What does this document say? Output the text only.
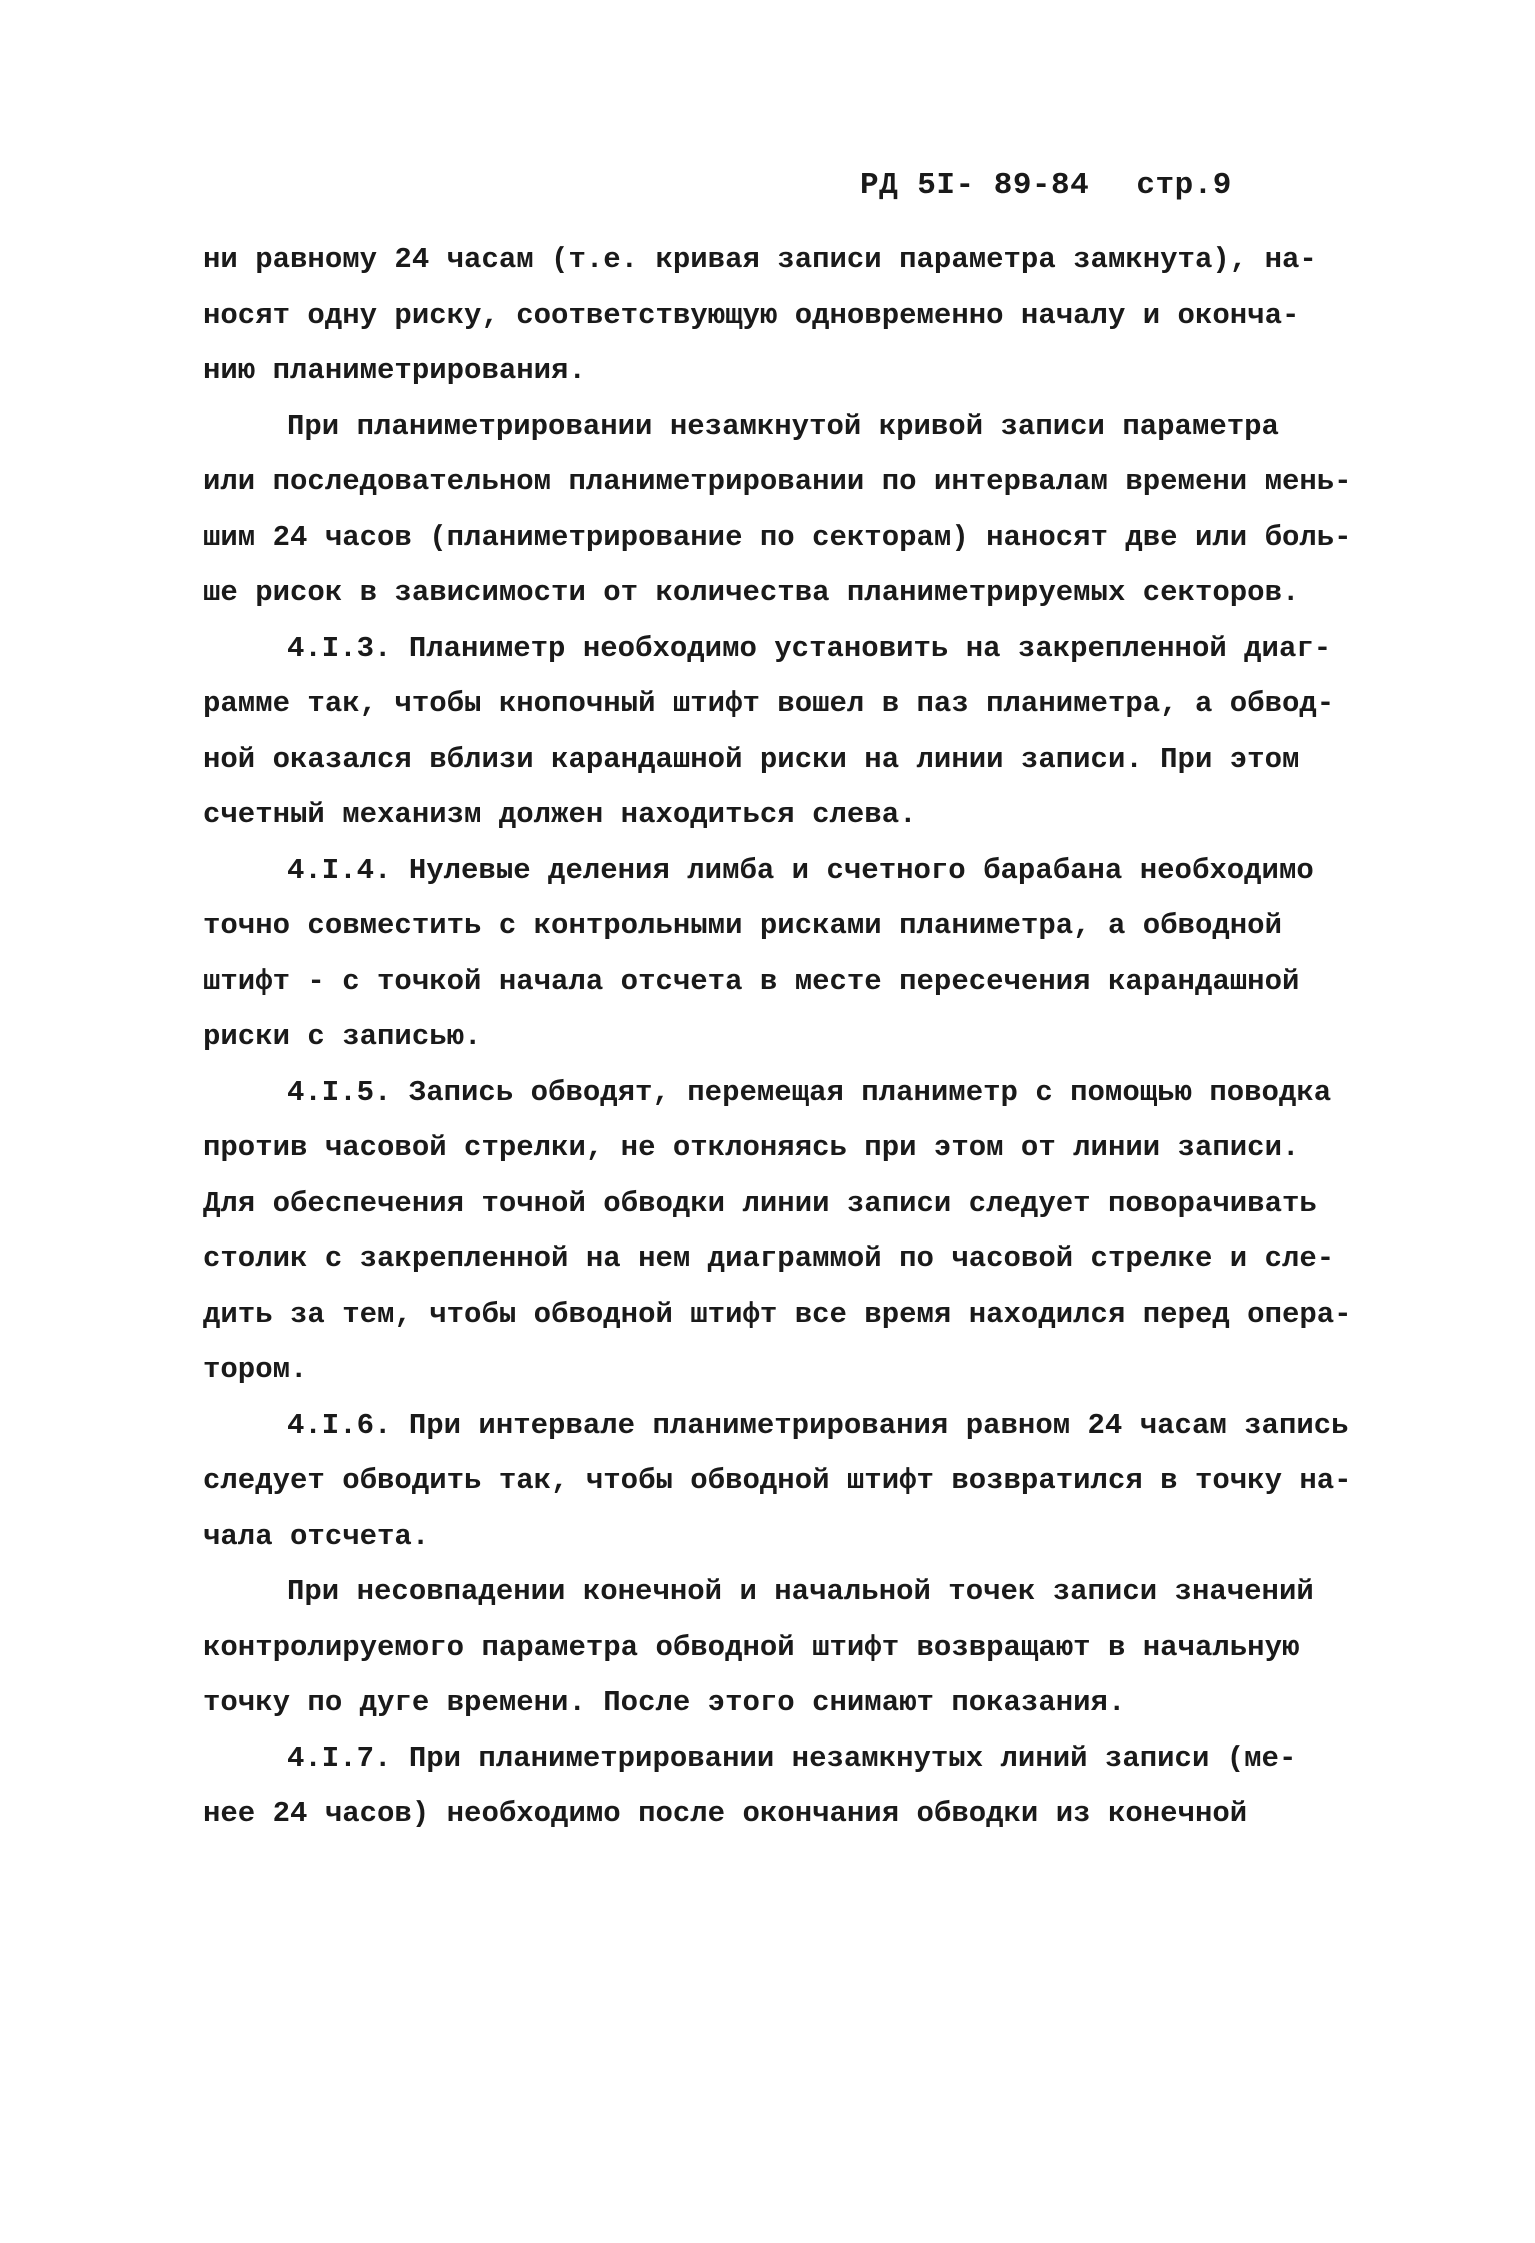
РД 5I- 89-84 стр.9
ни равному 24 часам (т.е. кривая записи параметра замкнута), на-
носят одну риску, соответствующую одновременно началу и оконча-
нию планиметрирования.
При планиметрировании незамкнутой кривой записи параметра
или последовательном планиметрировании по интервалам времени мень-
шим 24 часов (планиметрирование по секторам) наносят две или боль-
ше рисок в зависимости от количества планиметрируемых секторов.
4.I.3. Планиметр необходимо установить на закрепленной диаг-
рамме так, чтобы кнопочный штифт вошел в паз планиметра, а обвод-
ной оказался вблизи карандашной риски на линии записи. При этом
счетный механизм должен находиться слева.
4.I.4. Нулевые деления лимба и счетного барабана необходимо
точно совместить с контрольными рисками планиметра, а обводной
штифт - с точкой начала отсчета в месте пересечения карандашной
риски с записью.
4.I.5. Запись обводят, перемещая планиметр с помощью поводка
против часовой стрелки, не отклоняясь при этом от линии записи.
Для обеспечения точной обводки линии записи следует поворачивать
столик с закрепленной на нем диаграммой по часовой стрелке и сле-
дить за тем, чтобы обводной штифт все время находился перед опера-
тором.
4.I.6. При интервале планиметрирования равном 24 часам запись
следует обводить так, чтобы обводной штифт возвратился в точку на-
чала отсчета.
При несовпадении конечной и начальной точек записи значений
контролируемого параметра обводной штифт возвращают в начальную
точку по дуге времени. После этого снимают показания.
4.I.7. При планиметрировании незамкнутых линий записи (ме-
нее 24 часов) необходимо после окончания обводки из конечной
